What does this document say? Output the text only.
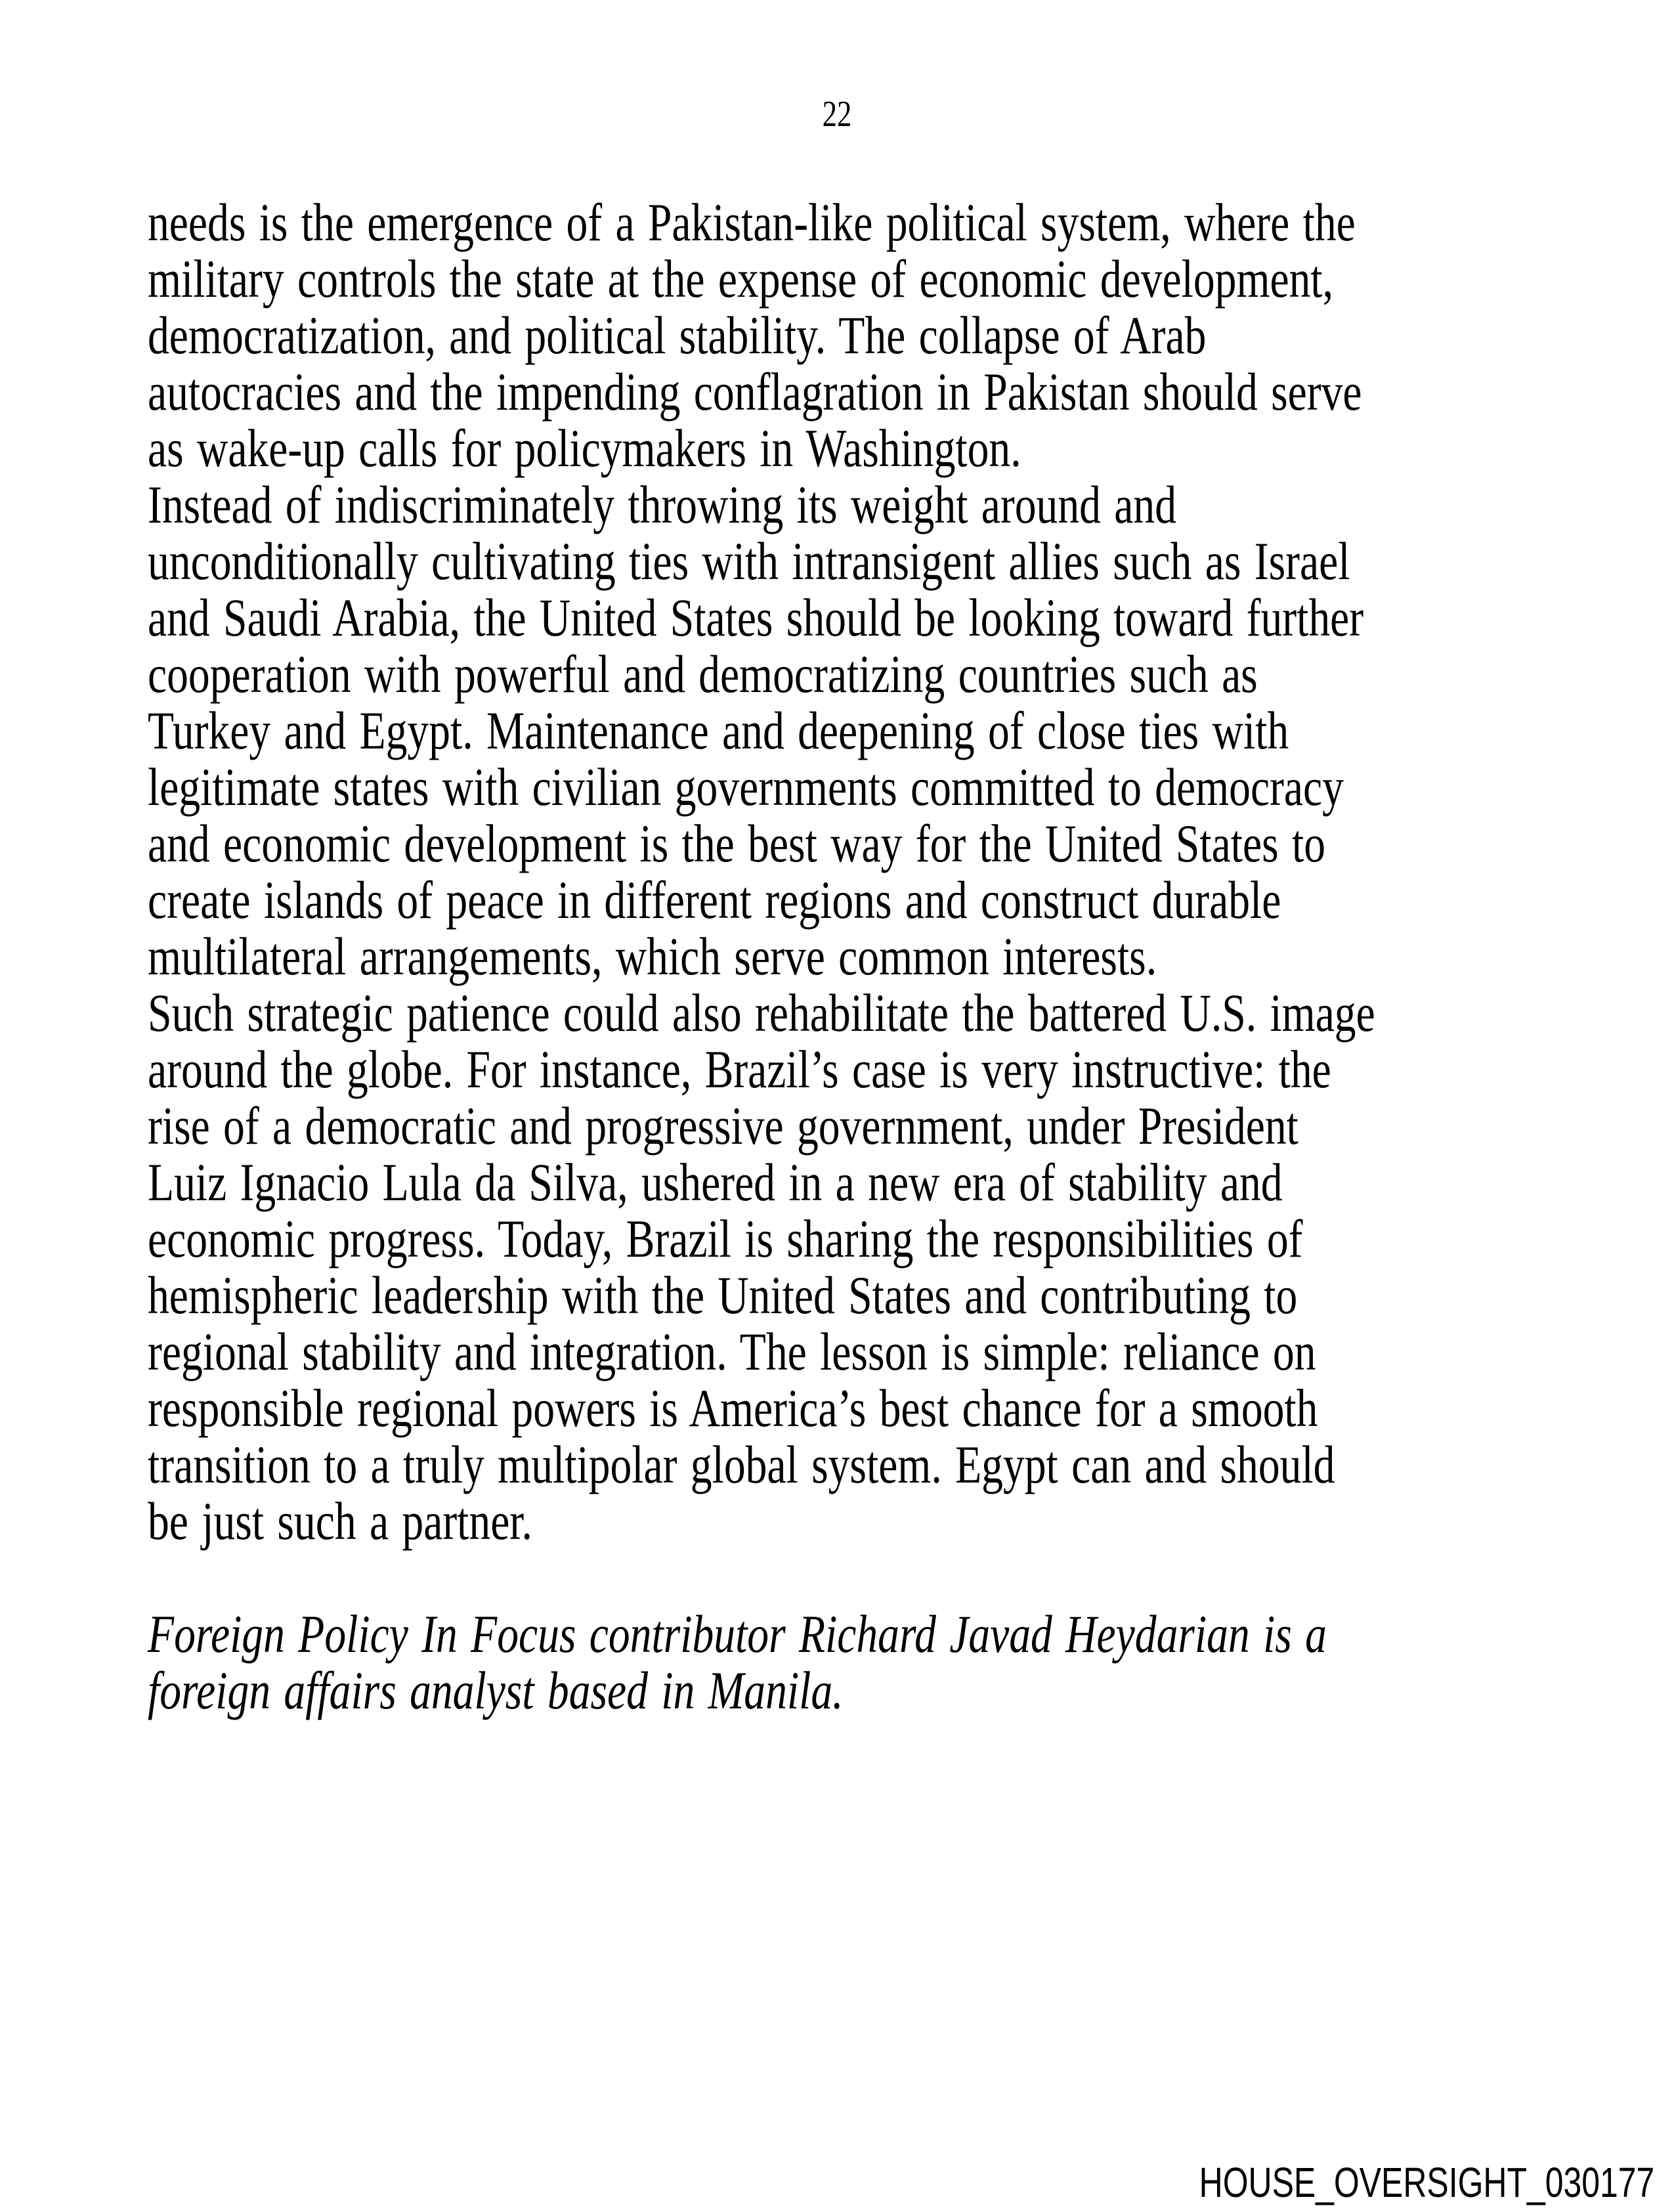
22
needs is the emergence of a Pakistan-like political system, where the
military controls the state at the expense of economic development,
democratization, and political stability. The collapse of Arab
autocracies and the impending conflagration in Pakistan should serve
as wake-up calls for policymakers in Washington.
Instead of indiscriminately throwing its weight around and
unconditionally cultivating ties with intransigent allies such as Israel
and Saudi Arabia, the United States should be looking toward further
cooperation with powerful and democratizing countries such as
Turkey and Egypt. Maintenance and deepening of close ties with
legitimate states with civilian governments committed to democracy
and economic development is the best way for the United States to
create islands of peace in different regions and construct durable
multilateral arrangements, which serve common interests.
Such strategic patience could also rehabilitate the battered U.S. image
around the globe. For instance, Brazil’s case is very instructive: the
rise of a democratic and progressive government, under President
Luiz Ignacio Lula da Silva, ushered in a new era of stability and
economic progress. Today, Brazil is sharing the responsibilities of
hemispheric leadership with the United States and contributing to
regional stability and integration. The lesson is simple: reliance on
responsible regional powers is America’s best chance for a smooth
transition to a truly multipolar global system. Egypt can and should
be just such a partner.
Foreign Policy In Focus contributor Richard Javad Heydarian is a
foreign affairs analyst based in Manila.
HOUSE_OVERSIGHT_030177
